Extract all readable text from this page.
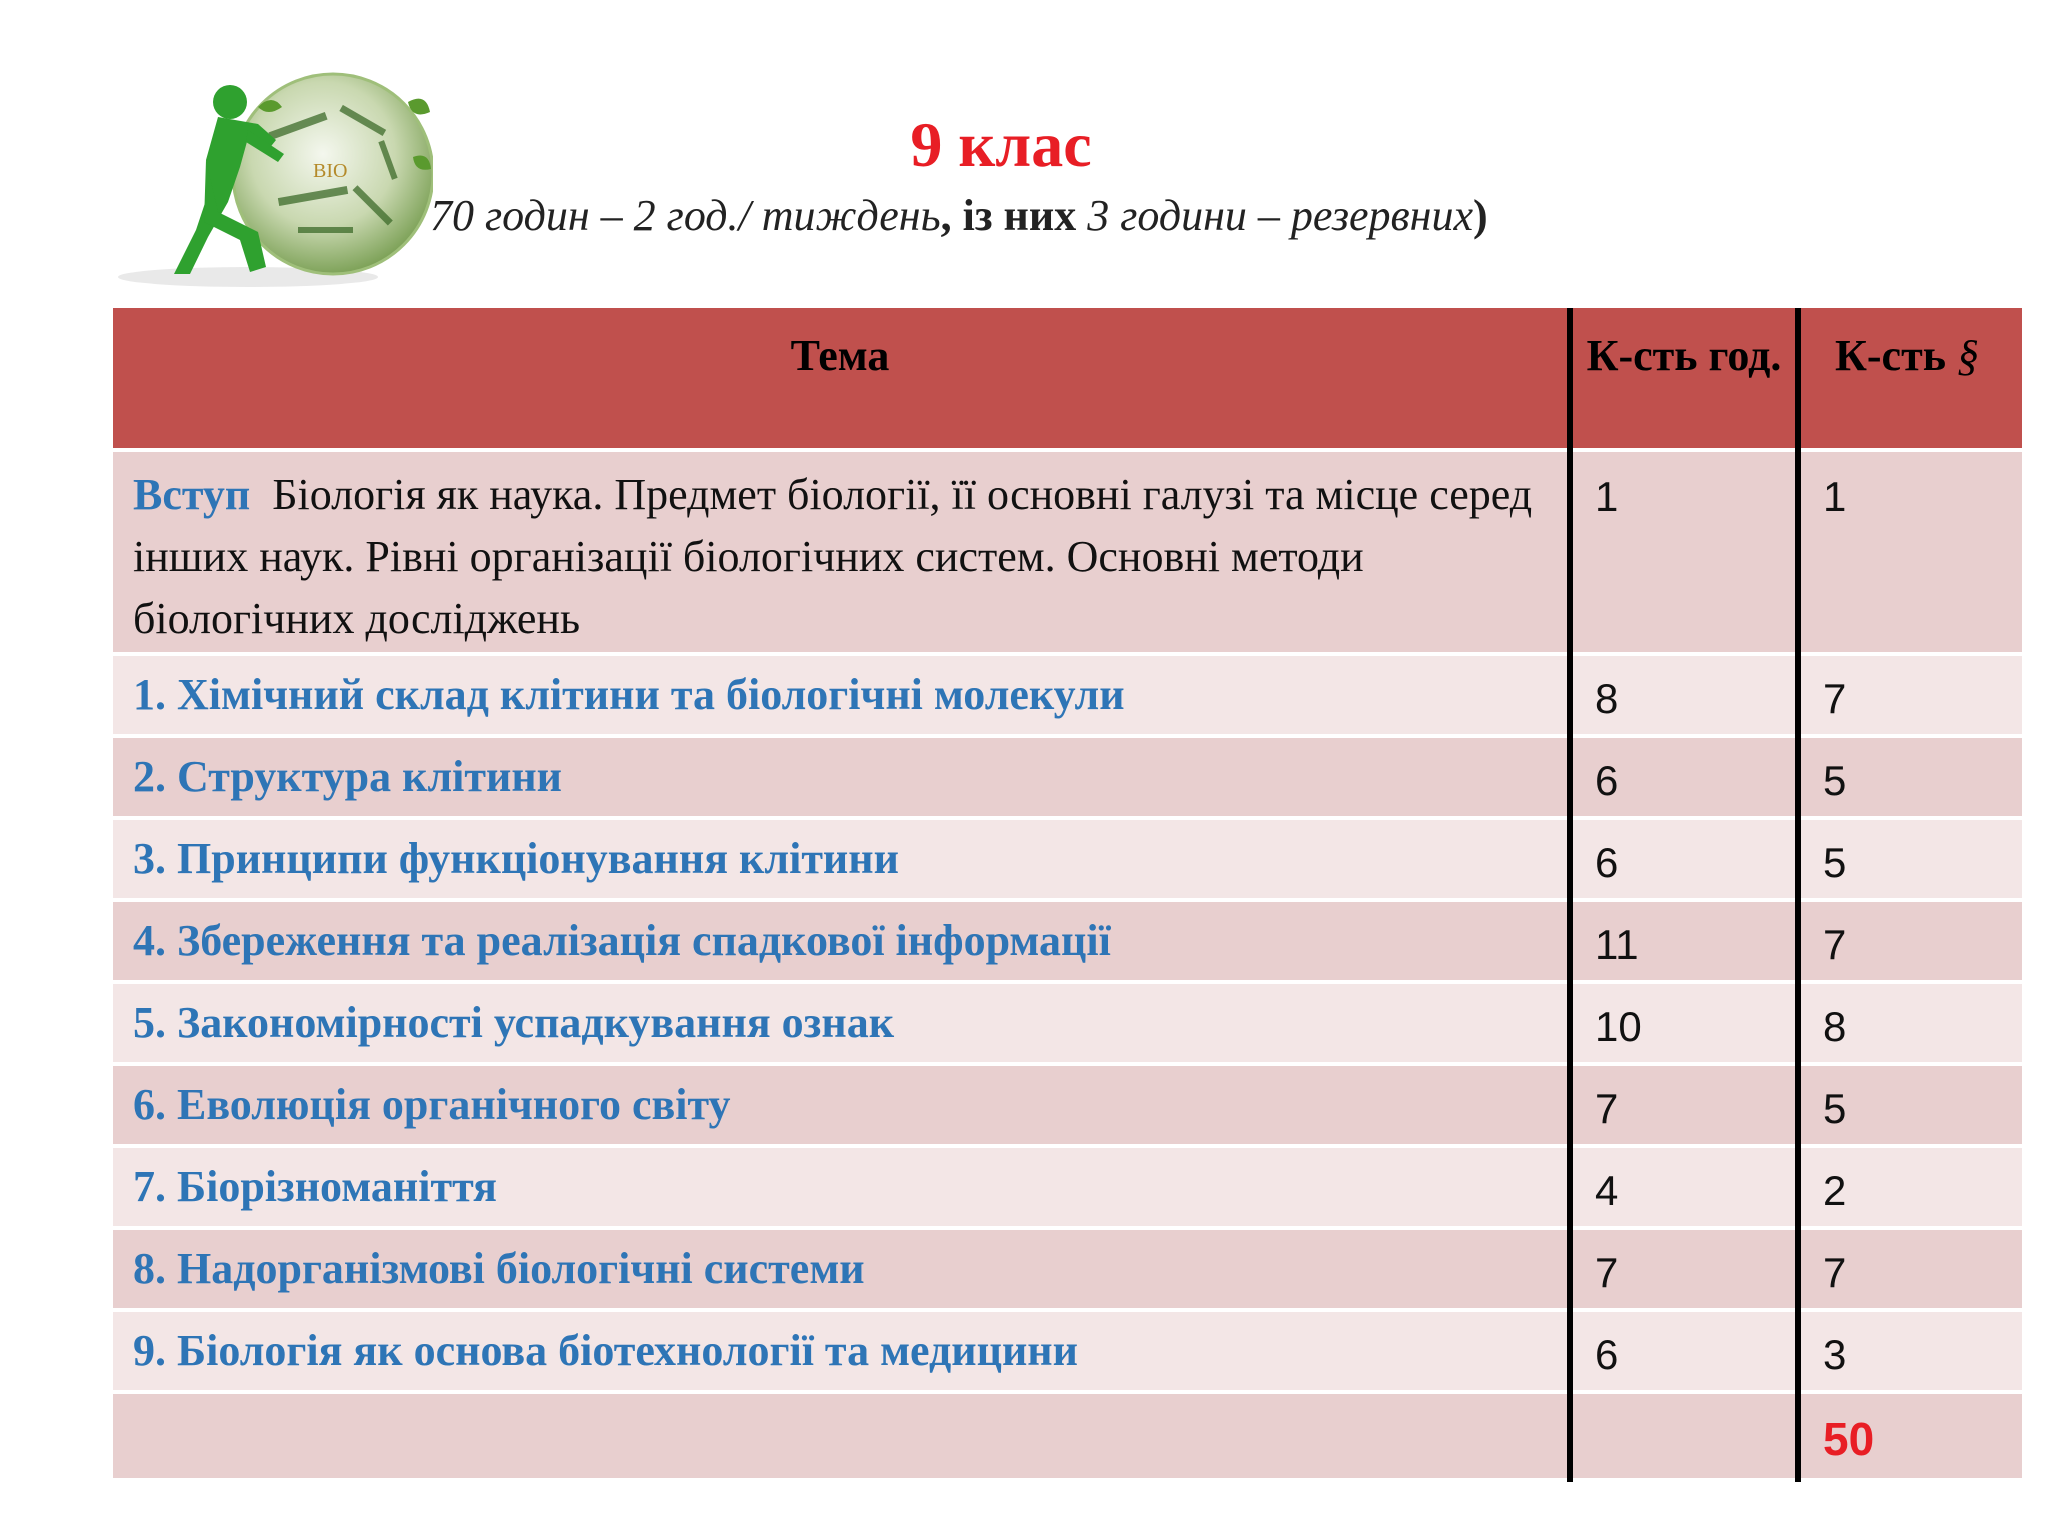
BIO	9 клас
70 годин – 2 год./ тиждень, із них 3 години – резервних)
Тема	К-сть год.	К-сть §
Вступ Біологія як наука. Предмет біології, її основні галузі та місце серед інших наук. Рівні організації біологічних систем. Основні методи біологічних досліджень	1	1
1. Хімічний склад клітини та біологічні молекули	8	7
2. Структура клітини	6	5
3. Принципи функціонування клітини	6	5
4. Збереження та реалізація спадкової інформації	11	7
5. Закономірності успадкування ознак	10	8
6. Еволюція органічного світу	7	5
7. Біорізноманіття	4	2
8. Надорганізмові біологічні системи	7	7
9. Біологія як основа біотехнології та медицини	6	3
		50
